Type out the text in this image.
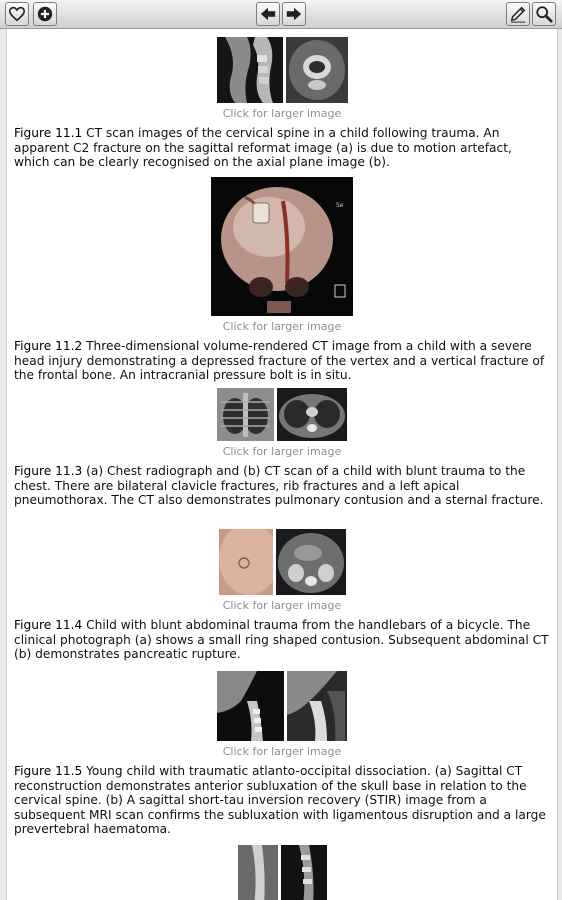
Click for larger image
Figure 11.1 CT scan images of the cervical spine in a child following trauma. An apparent C2 fracture on the sagittal reformat image (a) is due to motion artefact, which can be clearly recognised on the axial plane image (b).
Se
Click for larger image
Figure 11.2 Three-dimensional volume-rendered CT image from a child with a severe head injury demonstrating a depressed fracture of the vertex and a vertical fracture of the frontal bone. An intracranial pressure bolt is in situ.
Click for larger image
Figure 11.3 (a) Chest radiograph and (b) CT scan of a child with blunt trauma to the chest. There are bilateral clavicle fractures, rib fractures and a left apical pneumothorax. The CT also demonstrates pulmonary contusion and a sternal fracture.
Click for larger image
Figure 11.4 Child with blunt abdominal trauma from the handlebars of a bicycle. The clinical photograph (a) shows a small ring shaped contusion. Subsequent abdominal CT (b) demonstrates pancreatic rupture.
Click for larger image
Figure 11.5 Young child with traumatic atlanto-occipital dissociation. (a) Sagittal CT reconstruction demonstrates anterior subluxation of the skull base in relation to the cervical spine. (b) A sagittal short-tau inversion recovery (STIR) image from a subsequent MRI scan confirms the subluxation with ligamentous disruption and a large prevertebral haematoma.
